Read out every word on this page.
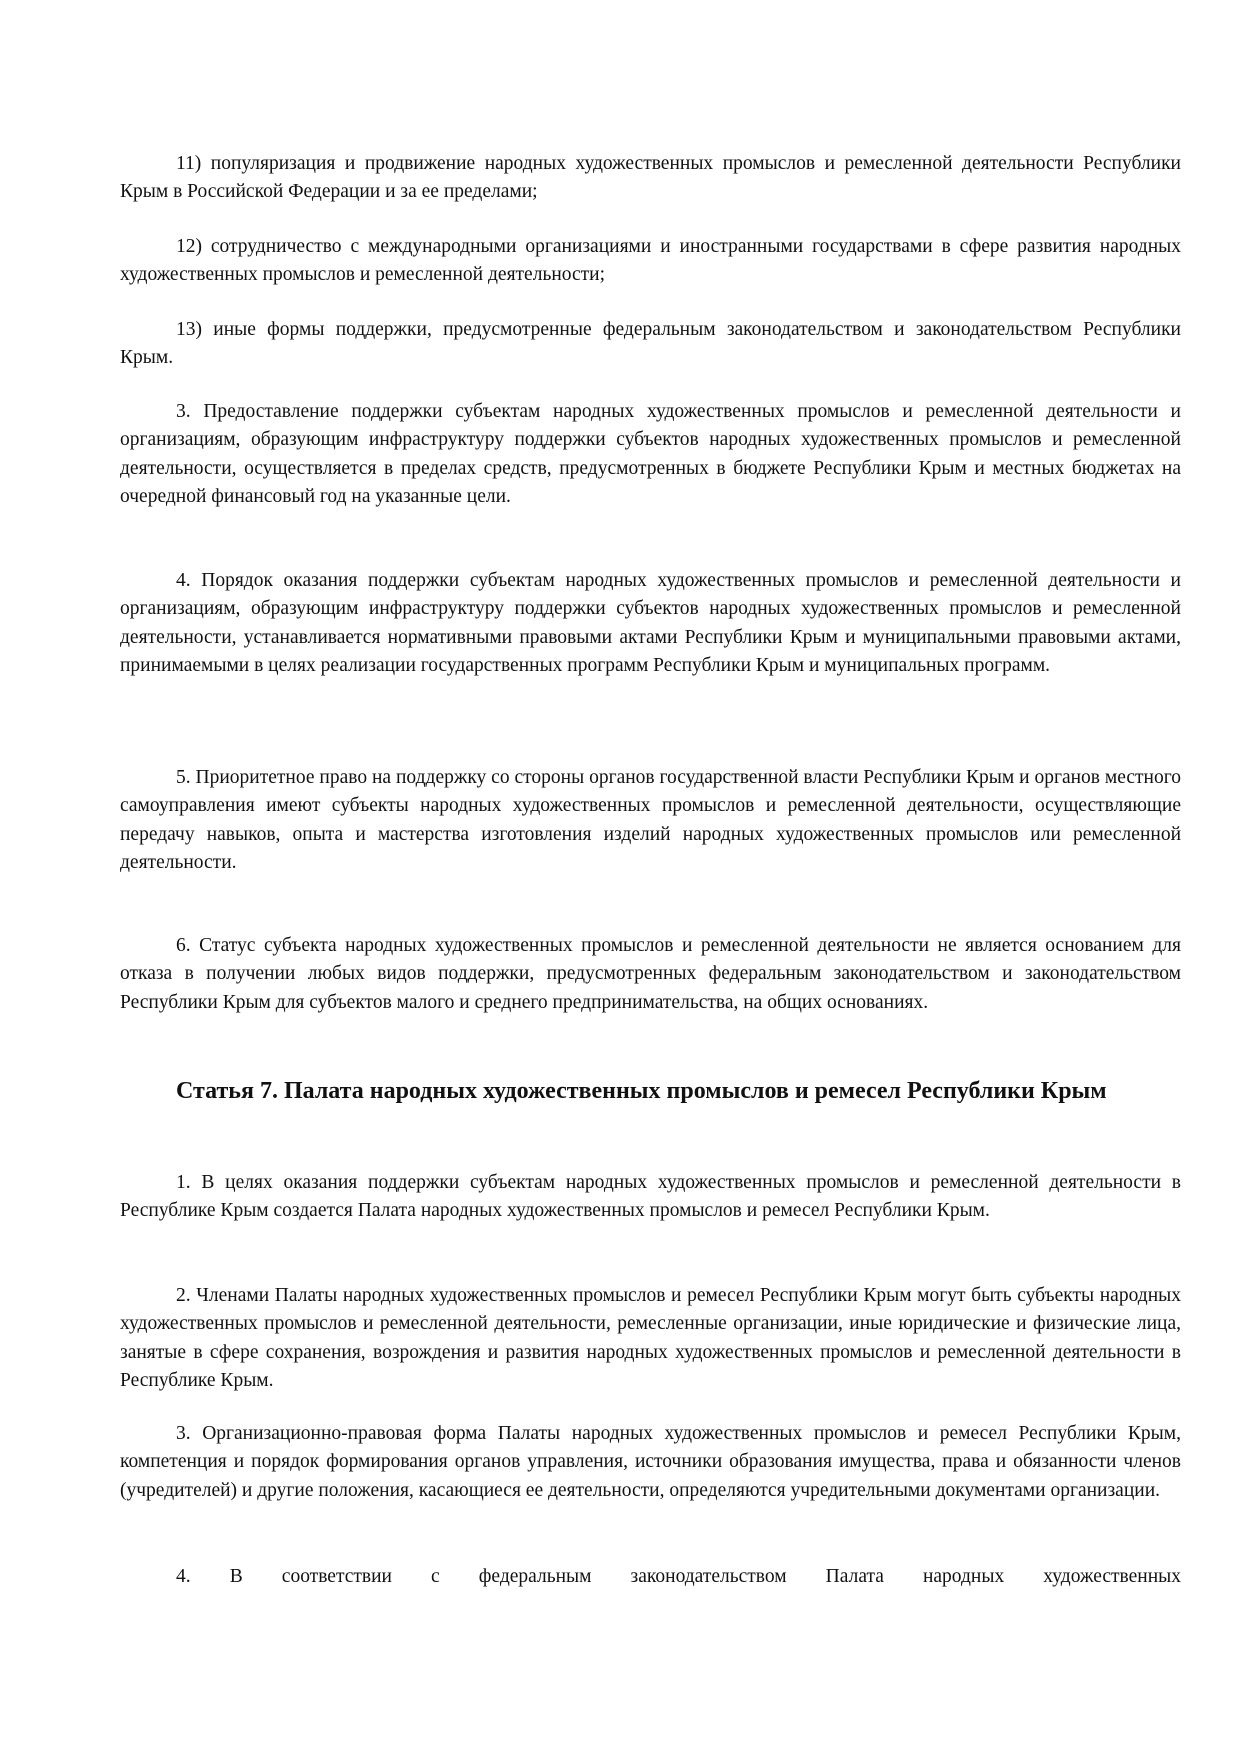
11) популяризация и продвижение народных художественных промыслов и ремесленной деятельности Республики Крым в Российской Федерации и за ее пределами;
12) сотрудничество с международными организациями и иностранными государствами в сфере развития народных художественных промыслов и ремесленной деятельности;
13) иные формы поддержки, предусмотренные федеральным законодательством и законодательством Республики Крым.
3. Предоставление поддержки субъектам народных художественных промыслов и ремесленной деятельности и организациям, образующим инфраструктуру поддержки субъектов народных художественных промыслов и ремесленной деятельности, осуществляется в пределах средств, предусмотренных в бюджете Республики Крым и местных бюджетах на очередной финансовый год на указанные цели.
4. Порядок оказания поддержки субъектам народных художественных промыслов и ремесленной деятельности и организациям, образующим инфраструктуру поддержки субъектов народных художественных промыслов и ремесленной деятельности, устанавливается нормативными правовыми актами Республики Крым и муниципальными правовыми актами, принимаемыми в целях реализации государственных программ Республики Крым и муниципальных программ.
5. Приоритетное право на поддержку со стороны органов государственной власти Республики Крым и органов местного самоуправления имеют субъекты народных художественных промыслов и ремесленной деятельности, осуществляющие передачу навыков, опыта и мастерства изготовления изделий народных художественных промыслов или ремесленной деятельности.
6. Статус субъекта народных художественных промыслов и ремесленной деятельности не является основанием для отказа в получении любых видов поддержки, предусмотренных федеральным законодательством и законодательством Республики Крым для субъектов малого и среднего предпринимательства, на общих основаниях.
Статья 7. Палата народных художественных промыслов и ремесел Республики Крым
1. В целях оказания поддержки субъектам народных художественных промыслов и ремесленной деятельности в Республике Крым создается Палата народных художественных промыслов и ремесел Республики Крым.
2. Членами Палаты народных художественных промыслов и ремесел Республики Крым могут быть субъекты народных художественных промыслов и ремесленной деятельности, ремесленные организации, иные юридические и физические лица, занятые в сфере сохранения, возрождения и развития народных художественных промыслов и ремесленной деятельности в Республике Крым.
3. Организационно-правовая форма Палаты народных художественных промыслов и ремесел Республики Крым, компетенция и порядок формирования органов управления, источники образования имущества, права и обязанности членов (учредителей) и другие положения, касающиеся ее деятельности, определяются учредительными документами организации.
4. В соответствии с федеральным законодательством Палата народных художественных
